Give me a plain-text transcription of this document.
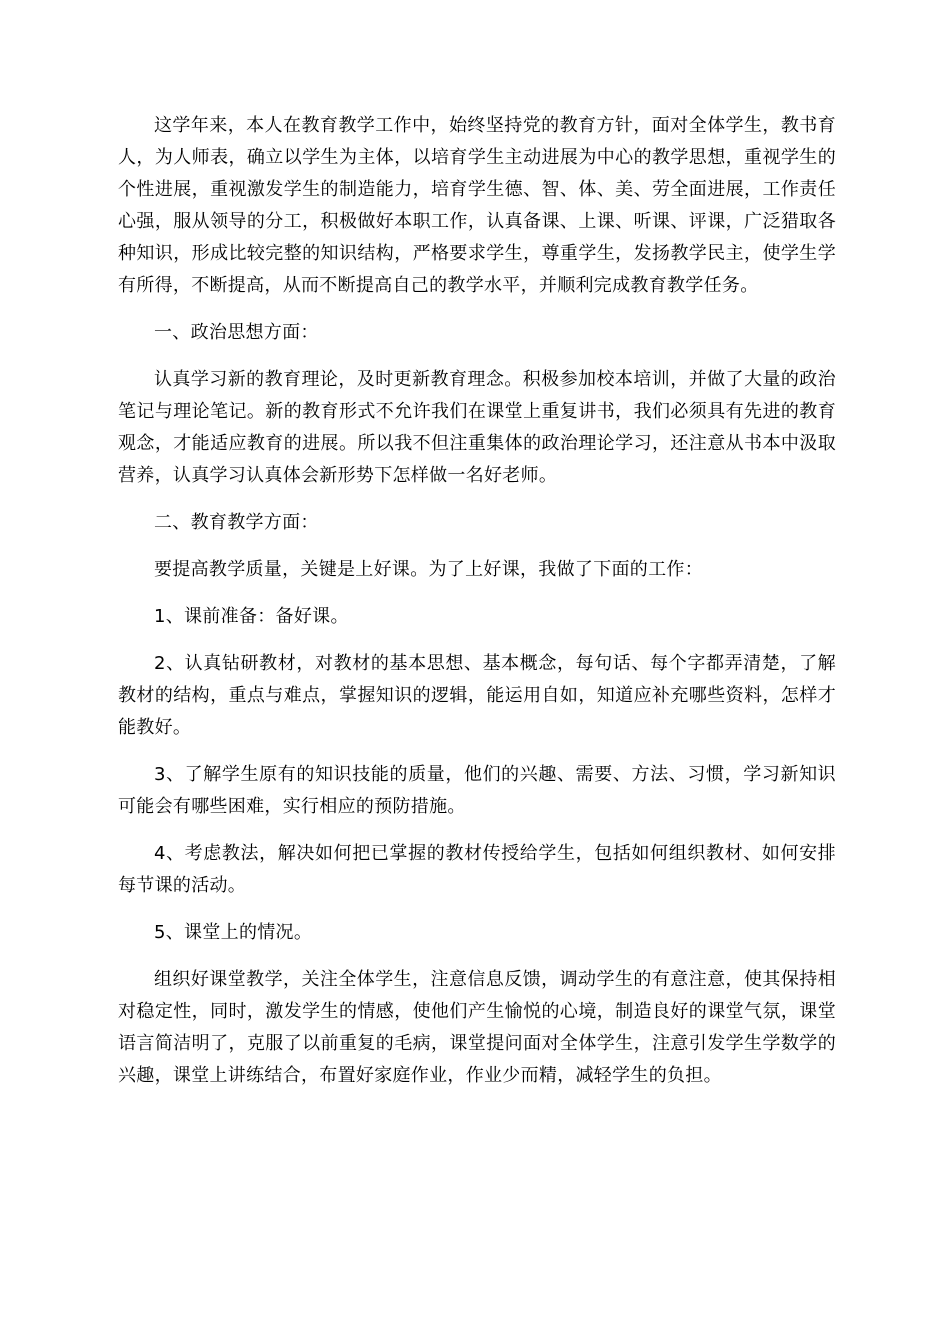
这学年来，本人在教育教学工作中，始终坚持党的教育方针，面对全体学生，教书育人，为人师表，确立以学生为主体，以培育学生主动进展为中心的教学思想，重视学生的个性进展，重视激发学生的制造能力，培育学生德、智、体、美、劳全面进展，工作责任心强，服从领导的分工，积极做好本职工作，认真备课、上课、听课、评课，广泛猎取各种知识，形成比较完整的知识结构，严格要求学生，尊重学生，发扬教学民主，使学生学有所得，不断提高，从而不断提高自己的教学水平，并顺利完成教育教学任务。

一、政治思想方面：

认真学习新的教育理论，及时更新教育理念。积极参加校本培训，并做了大量的政治笔记与理论笔记。新的教育形式不允许我们在课堂上重复讲书，我们必须具有先进的教育观念，才能适应教育的进展。所以我不但注重集体的政治理论学习，还注意从书本中汲取营养，认真学习认真体会新形势下怎样做一名好老师。

二、教育教学方面：

要提高教学质量，关键是上好课。为了上好课，我做了下面的工作：

1、课前准备：备好课。

2、认真钻研教材，对教材的基本思想、基本概念，每句话、每个字都弄清楚，了解教材的结构，重点与难点，掌握知识的逻辑，能运用自如，知道应补充哪些资料，怎样才能教好。

3、了解学生原有的知识技能的质量，他们的兴趣、需要、方法、习惯，学习新知识可能会有哪些困难，实行相应的预防措施。

4、考虑教法，解决如何把已掌握的教材传授给学生，包括如何组织教材、如何安排每节课的活动。

5、课堂上的情况。

组织好课堂教学，关注全体学生，注意信息反馈，调动学生的有意注意，使其保持相对稳定性，同时，激发学生的情感，使他们产生愉悦的心境，制造良好的课堂气氛，课堂语言简洁明了，克服了以前重复的毛病，课堂提问面对全体学生，注意引发学生学数学的兴趣，课堂上讲练结合，布置好家庭作业，作业少而精，减轻学生的负担。
